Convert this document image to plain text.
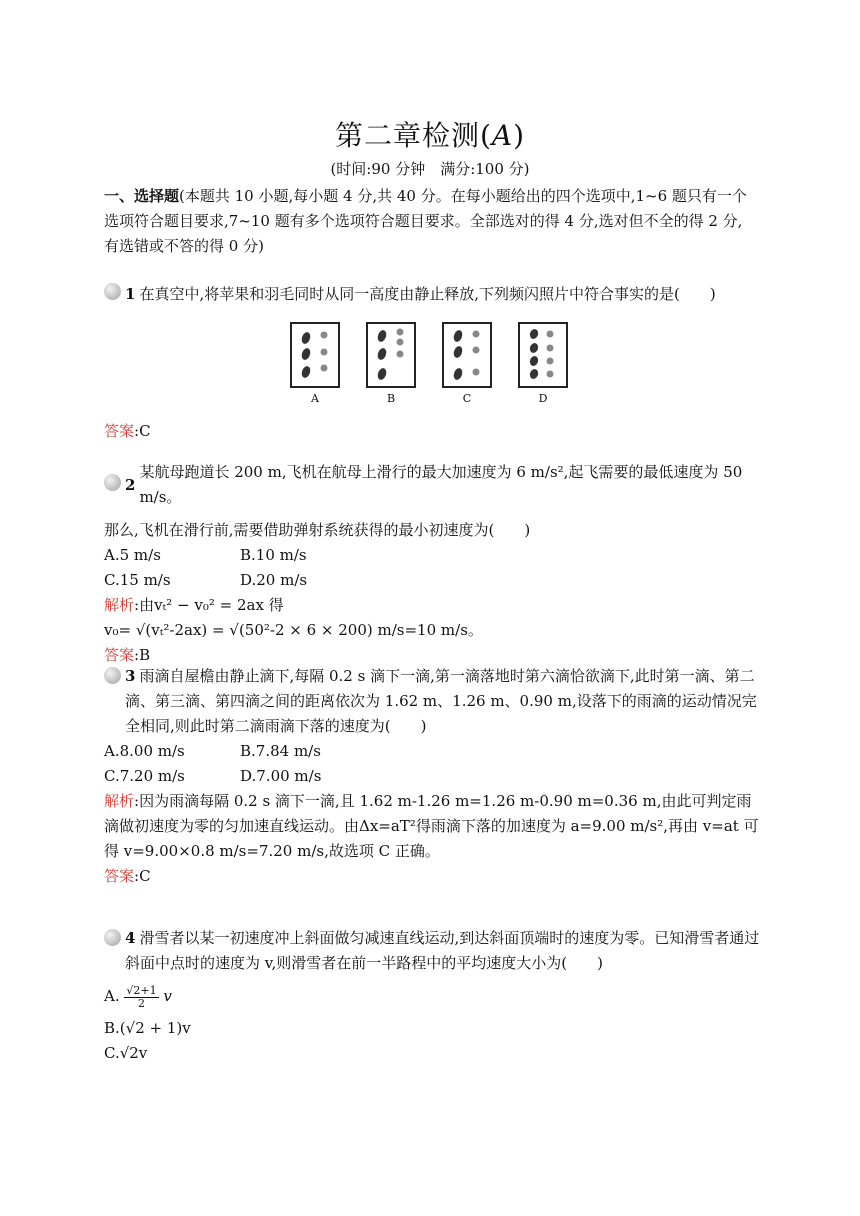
第二章检测(A)
(时间:90 分钟　满分:100 分)
一、选择题(本题共 10 小题,每小题 4 分,共 40 分。在每小题给出的四个选项中,1~6 题只有一个选项符合题目要求,7~10 题有多个选项符合题目要求。全部选对的得 4 分,选对但不全的得 2 分,有选错或不答的得 0 分)
1 在真空中,将苹果和羽毛同时从同一高度由静止释放,下列频闪照片中符合事实的是(　　)
A	B	C	D
答案:C
2
某航母跑道长 200 m,飞机在航母上滑行的最大加速度为 6 m/s²,起飞需要的最低速度为 50 m/s。
那么,飞机在滑行前,需要借助弹射系统获得的最小初速度为(　　)
A.5 m/s	B.10 m/s
C.15 m/s	D.20 m/s
解析:由vₜ² − v₀² = 2ax 得
v₀= √(vₜ²-2ax) = √(50²-2 × 6 × 200) m/s=10 m/s。
答案:B
3 雨滴自屋檐由静止滴下,每隔 0.2 s 滴下一滴,第一滴落地时第六滴恰欲滴下,此时第一滴、第二滴、第三滴、第四滴之间的距离依次为 1.62 m、1.26 m、0.90 m,设落下的雨滴的运动情况完全相同,则此时第二滴雨滴下落的速度为(　　)
A.8.00 m/s	B.7.84 m/s
C.7.20 m/s	D.7.00 m/s
解析:因为雨滴每隔 0.2 s 滴下一滴,且 1.62 m-1.26 m=1.26 m-0.90 m=0.36 m,由此可判定雨滴做初速度为零的匀加速直线运动。由Δx=aT²得雨滴下落的加速度为 a=9.00 m/s²,再由 v=at 可得 v=9.00×0.8 m/s=7.20 m/s,故选项 C 正确。
答案:C
4 滑雪者以某一初速度冲上斜面做匀减速直线运动,到达斜面顶端时的速度为零。已知滑雪者通过斜面中点时的速度为 v,则滑雪者在前一半路程中的平均速度大小为(　　)
A. $\frac{√2+1}{2}$ v
B.(√2 + 1)v
C.√2v
